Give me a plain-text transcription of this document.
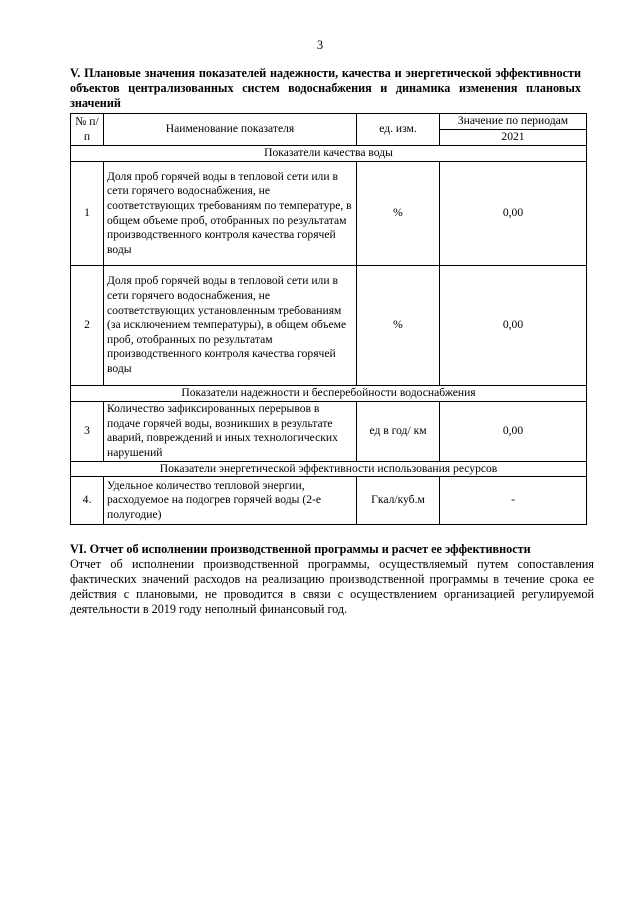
3
V. Плановые значения показателей надежности, качества и энергетической эффективности объектов централизованных систем водоснабжения и динамика изменения плановых значений
№ п/п	Наименование показателя	ед. изм.	Значение по периодам
			2021
Показатели качества воды			
1	Доля проб горячей воды в тепловой сети или в сети горячего водоснабжения, не соответствующих требованиям по температуре, в общем объеме проб, отобранных по результатам производственного контроля качества горячей воды	%	0,00
2	Доля проб горячей воды в тепловой сети или в сети горячего водоснабжения, не соответствующих установленным требованиям (за исключением температуры), в общем объеме проб, отобранных по результатам производственного контроля качества горячей воды	%	0,00
Показатели надежности и бесперебойности водоснабжения			
3	Количество зафиксированных перерывов в подаче горячей воды, возникших в результате аварий, повреждений и иных технологических нарушений	ед в год/ км	0,00
Показатели энергетической эффективности использования ресурсов			
4.	Удельное количество тепловой энергии, расходуемое на подогрев горячей воды (2-е полугодие)	Гкал/куб.м	-
VI. Отчет об исполнении производственной программы и расчет ее эффективности
Отчет об исполнении производственной программы, осуществляемый путем сопоставления фактических значений расходов на реализацию производственной программы в течение срока ее действия с плановыми, не проводится в связи с осуществлением организацией регулируемой деятельности в 2019 году неполный финансовый год.
